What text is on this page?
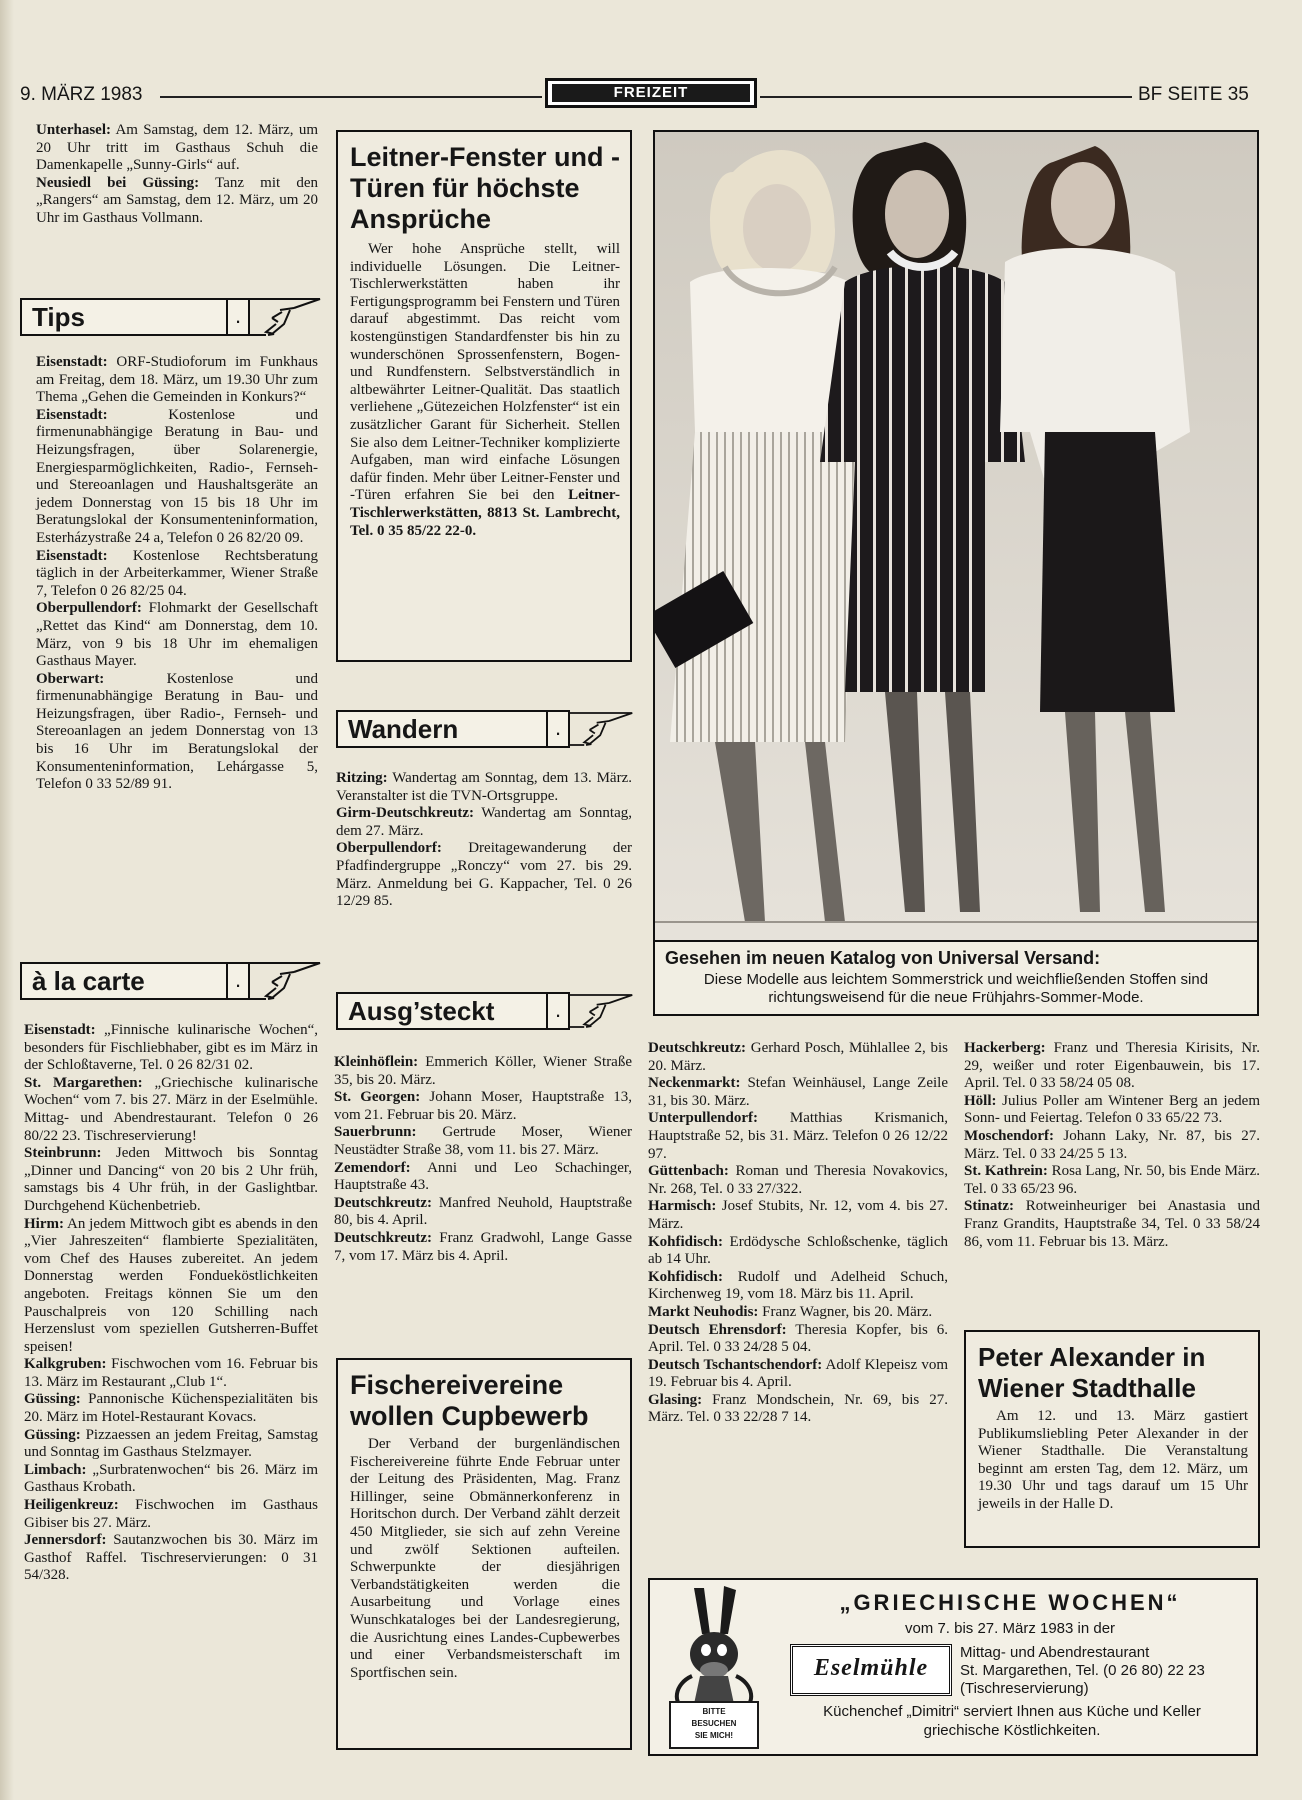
9. MÄRZ 1983	FREIZEIT	BF SEITE 35

Unterhasel: Am Samstag, dem 12. März, um 20 Uhr tritt im Gasthaus Schuh die Damenkapelle „Sunny-Girls“ auf.

Neusiedl bei Güssing: Tanz mit den „Rangers“ am Samstag, dem 12. März, um 20 Uhr im Gasthaus Vollmann.

Tips	.

Eisenstadt: ORF-Studioforum im Funkhaus am Freitag, dem 18. März, um 19.30 Uhr zum Thema „Gehen die Gemeinden in Konkurs?“

Eisenstadt: Kostenlose und firmenunabhängige Beratung in Bau- und Heizungsfragen, über Solarenergie, Energiesparmöglichkeiten, Radio-, Fernseh- und Stereoanlagen und Haushaltsgeräte an jedem Donnerstag von 15 bis 18 Uhr im Beratungslokal der Konsumenteninformation, Esterházystraße 24 a, Telefon 0 26 82/20 09.

Eisenstadt: Kostenlose Rechtsberatung täglich in der Arbeiterkammer, Wiener Straße 7, Telefon 0 26 82/25 04.

Oberpullendorf: Flohmarkt der Gesellschaft „Rettet das Kind“ am Donnerstag, dem 10. März, von 9 bis 18 Uhr im ehemaligen Gasthaus Mayer.

Oberwart: Kostenlose und firmenunabhängige Beratung in Bau- und Heizungsfragen, über Radio-, Fernseh- und Stereoanlagen an jedem Donnerstag von 13 bis 16 Uhr im Beratungslokal der Konsumenteninformation, Lehárgasse 5, Telefon 0 33 52/89 91.

à la carte	.

Eisenstadt: „Finnische kulinarische Wochen“, besonders für Fischliebhaber, gibt es im März in der Schloßtaverne, Tel. 0 26 82/31 02.

St. Margarethen: „Griechische kulinarische Wochen“ vom 7. bis 27. März in der Eselmühle. Mittag- und Abendrestaurant. Telefon 0 26 80/22 23. Tischreservierung!

Steinbrunn: Jeden Mittwoch bis Sonntag „Dinner und Dancing“ von 20 bis 2 Uhr früh, samstags bis 4 Uhr früh, in der Gaslightbar. Durchgehend Küchenbetrieb.

Hirm: An jedem Mittwoch gibt es abends in den „Vier Jahreszeiten“ flambierte Spezialitäten, vom Chef des Hauses zubereitet. An jedem Donnerstag werden Fonduеköstlichkeiten angeboten. Freitags können Sie um den Pauschalpreis von 120 Schilling nach Herzenslust vom speziellen Gutsherren-Buffet speisen!

Kalkgruben: Fischwochen vom 16. Februar bis 13. März im Restaurant „Club 1“.

Güssing: Pannonische Küchenspezialitäten bis 20. März im Hotel-Restaurant Kovacs.

Güssing: Pizzaessen an jedem Freitag, Samstag und Sonntag im Gasthaus Stelzmayer.

Limbach: „Surbratenwochen“ bis 26. März im Gasthaus Krobath.

Heiligenkreuz: Fischwochen im Gasthaus Gibiser bis 27. März.

Jennersdorf: Sautanzwochen bis 30. März im Gasthof Raffel. Tischreservierungen: 0 31 54/328.

Leitner-Fenster und -Türen für höchste Ansprüche
Wer hohe Ansprüche stellt, will individuelle Lösungen. Die Leitner-Tischlerwerkstätten haben ihr Fertigungsprogramm bei Fenstern und Türen darauf abgestimmt. Das reicht vom kostengünstigen Standardfenster bis hin zu wunderschönen Sprossenfenstern, Bogen- und Rundfenstern. Selbstverständlich in altbewährter Leitner-Qualität. Das staatlich verliehene „Gütezeichen Holzfenster“ ist ein zusätzlicher Garant für Sicherheit. Stellen Sie also dem Leitner-Techniker komplizierte Aufgaben, man wird einfache Lösungen dafür finden. Mehr über Leitner-Fenster und -Türen erfahren Sie bei den Leitner-Tischlerwerkstätten, 8813 St. Lambrecht, Tel. 0 35 85/22 22-0.
Wandern	.

Ritzing: Wandertag am Sonntag, dem 13. März. Veranstalter ist die TVN-Ortsgruppe.

Girm-Deutschkreutz: Wandertag am Sonntag, dem 27. März.

Oberpullendorf: Dreitagewanderung der Pfadfindergruppe „Ronсzy“ vom 27. bis 29. März. Anmeldung bei G. Kappacher, Tel. 0 26 12/29 85.

Ausg’steckt	.

Kleinhöflein: Emmerich Köller, Wiener Straße 35, bis 20. März.

St. Georgen: Johann Moser, Hauptstraße 13, vom 21. Februar bis 20. März.

Sauerbrunn: Gertrude Moser, Wiener Neustädter Straße 38, vom 11. bis 27. März.

Zemendorf: Anni und Leo Schachinger, Hauptstraße 43.

Deutschkreutz: Manfred Neuhold, Hauptstraße 80, bis 4. April.

Deutschkreutz: Franz Gradwohl, Lange Gasse 7, vom 17. März bis 4. April.

Fischereivereine wollen Cupbewerb
Der Verband der burgenländischen Fischereivereine führte Ende Februar unter der Leitung des Präsidenten, Mag. Franz Hillinger, seine Obmännerkonferenz in Horitschon durch. Der Verband zählt derzeit 450 Mitglieder, sie sich auf zehn Vereine und zwölf Sektionen aufteilen. Schwerpunkte der diesjährigen Verbandstätigkeiten werden die Ausarbeitung und Vorlage eines Wunschkataloges bei der Landesregierung, die Ausrichtung eines Landes-Cupbewerbes und einer Verbandsmeisterschaft im Sportfischen sein.
Gesehen im neuen Katalog von Universal Versand:
Diese Modelle aus leichtem Sommerstrick und weichfließenden Stoffen sind richtungsweisend für die neue Frühjahrs-Sommer-Mode.

Deutschkreutz: Gerhard Posch, Mühlallee 2, bis 20. März.

Neckenmarkt: Stefan Weinhäusel, Lange Zeile 31, bis 30. März.

Unterpullendorf: Matthias Krismanich, Hauptstraße 52, bis 31. März. Telefon 0 26 12/22 97.

Güttenbach: Roman und Theresia Novakovics, Nr. 268, Tel. 0 33 27/322.

Harmisch: Josef Stubits, Nr. 12, vom 4. bis 27. März.

Kohfidisch: Erdödysche Schloßschenke, täglich ab 14 Uhr.

Kohfidisch: Rudolf und Adelheid Schuch, Kirchenweg 19, vom 18. März bis 11. April.

Markt Neuhodis: Franz Wagner, bis 20. März.

Deutsch Ehrensdorf: Theresia Kopfer, bis 6. April. Tel. 0 33 24/28 5 04.

Deutsch Tschantschendorf: Adolf Klepeisz vom 19. Februar bis 4. April.

Glasing: Franz Mondschein, Nr. 69, bis 27. März. Tel. 0 33 22/28 7 14.

Hackerberg: Franz und Theresia Kirisits, Nr. 29, weißer und roter Eigenbauwein, bis 17. April. Tel. 0 33 58/24 05 08.

Höll: Julius Poller am Wintener Berg an jedem Sonn- und Feiertag. Telefon 0 33 65/22 73.

Moschendorf: Johann Laky, Nr. 87, bis 27. März. Tel. 0 33 24/25 5 13.

St. Kathrein: Rosa Lang, Nr. 50, bis Ende März. Tel. 0 33 65/23 96.

Stinatz: Rotweinheuriger bei Anastasia und Franz Grandits, Hauptstraße 34, Tel. 0 33 58/24 86, vom 11. Februar bis 13. März.

Peter Alexander in Wiener Stadthalle
Am 12. und 13. März gastiert Publikumsliebling Peter Alexander in der Wiener Stadthalle. Die Veranstaltung beginnt am ersten Tag, dem 12. März, um 19.30 Uhr und tags darauf um 15 Uhr jeweils in der Halle D.
BITTE
BESUCHEN
SIE MICH!
„GRIECHISCHE WOCHEN“
vom 7. bis 27. März 1983 in der
Eselmühle
Mittag- und Abendrestaurant
St. Margarethen, Tel. (0 26 80) 22 23
(Tischreservierung)
Küchenchef „Dimitri“ serviert Ihnen aus Küche und Keller
griechische Köstlichkeiten.
